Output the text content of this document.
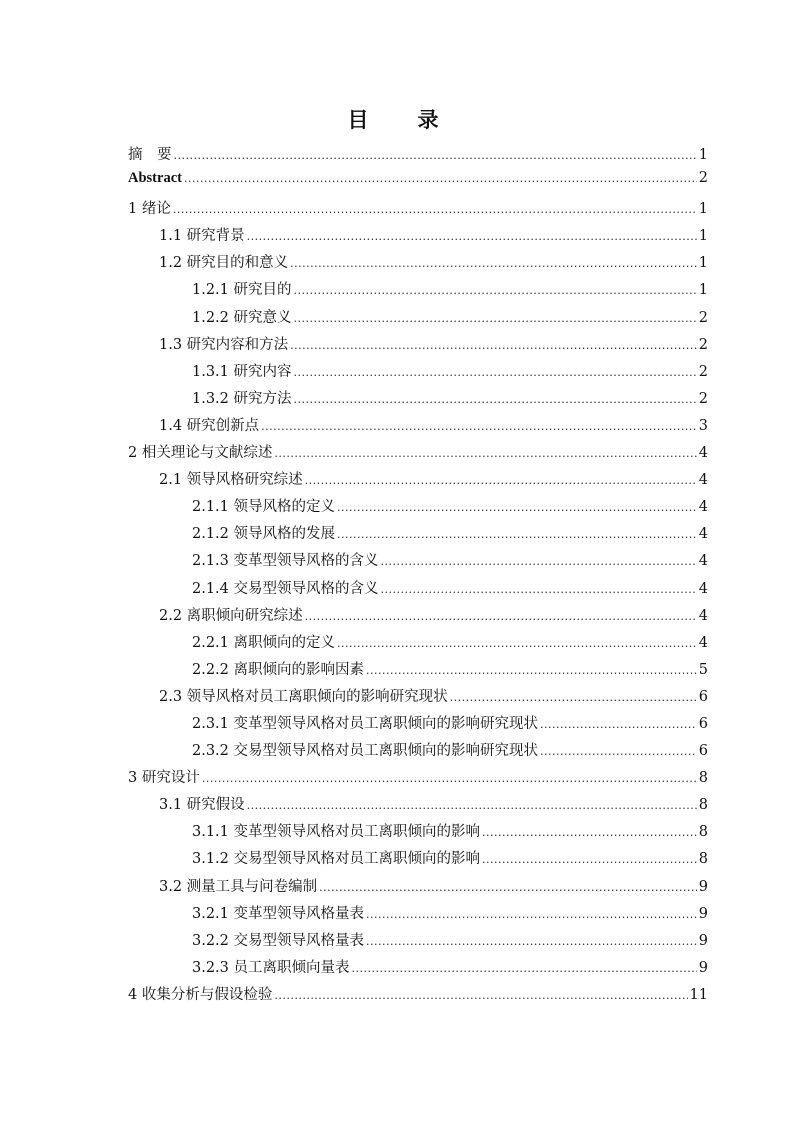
目　录
摘　要 .....	1
Abstract .....	2
1 绪论 .....	1
1.1 研究背景 .....	1
1.2 研究目的和意义 .....	1
1.2.1 研究目的 .....	1
1.2.2 研究意义 .....	2
1.3 研究内容和方法 .....	2
1.3.1 研究内容 .....	2
1.3.2 研究方法 .....	2
1.4 研究创新点 .....	3
2 相关理论与文献综述 .....	4
2.1 领导风格研究综述 .....	4
2.1.1 领导风格的定义 .....	4
2.1.2 领导风格的发展 .....	4
2.1.3 变革型领导风格的含义 .....	4
2.1.4 交易型领导风格的含义 .....	4
2.2 离职倾向研究综述 .....	4
2.2.1 离职倾向的定义 .....	4
2.2.2 离职倾向的影响因素 .....	5
2.3 领导风格对员工离职倾向的影响研究现状 .....	6
2.3.1 变革型领导风格对员工离职倾向的影响研究现状 .....	6
2.3.2 交易型领导风格对员工离职倾向的影响研究现状 .....	6
3 研究设计 .....	8
3.1 研究假设 .....	8
3.1.1 变革型领导风格对员工离职倾向的影响 .....	8
3.1.2 交易型领导风格对员工离职倾向的影响 .....	8
3.2 测量工具与问卷编制 .....	9
3.2.1 变革型领导风格量表 .....	9
3.2.2 交易型领导风格量表 .....	9
3.2.3 员工离职倾向量表 .....	9
4 收集分析与假设检验 .....	11
